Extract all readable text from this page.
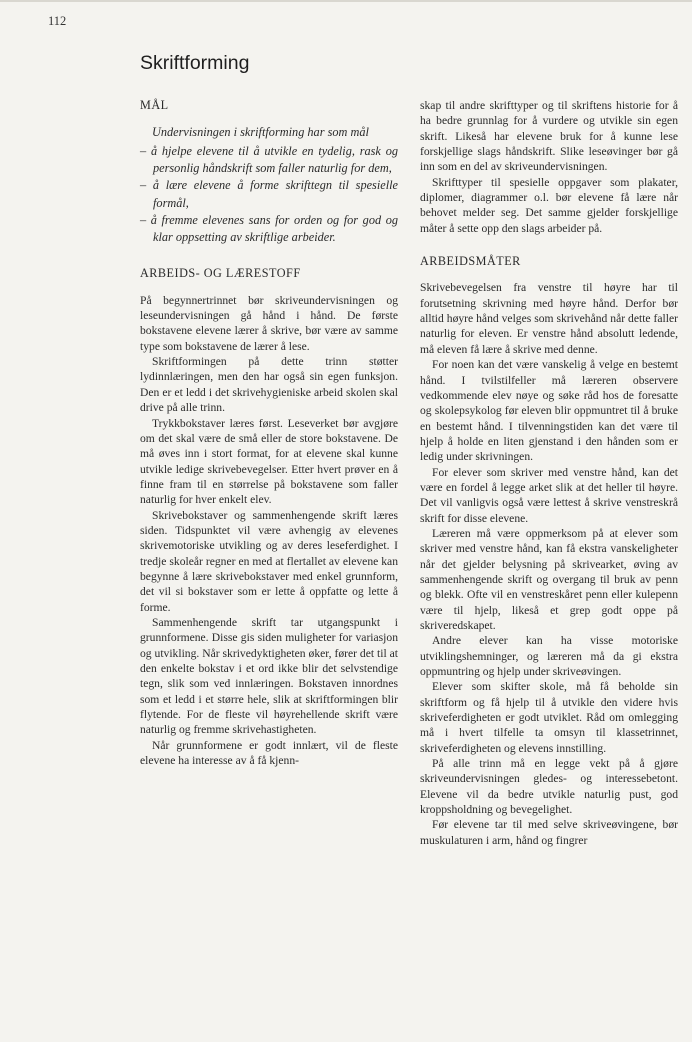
112
Skriftforming
MÅL

Undervisningen i skriftforming har som mål

– å hjelpe elevene til å utvikle en tydelig, rask og personlig håndskrift som faller naturlig for dem,

– å lære elevene å forme skrifttegn til spesielle formål,

– å fremme elevenes sans for orden og for god og klar oppsetting av skriftlige arbeider.

ARBEIDS- OG LÆRESTOFF

På begynnertrinnet bør skriveundervisningen og leseundervisningen gå hånd i hånd. De første bokstavene elevene lærer å skrive, bør være av samme type som bokstavene de lærer å lese.

Skriftformingen på dette trinn støtter lydinnlæringen, men den har også sin egen funksjon. Den er et ledd i det skrivehygieniske arbeid skolen skal drive på alle trinn.

Trykkbokstaver læres først. Leseverket bør avgjøre om det skal være de små eller de store bokstavene. De må øves inn i stort format, for at elevene skal kunne utvikle ledige skrivebevegelser. Etter hvert prøver en å finne fram til en størrelse på bokstavene som faller naturlig for hver enkelt elev.

Skrivebokstaver og sammenhengende skrift læres siden. Tidspunktet vil være avhengig av elevenes skrivemotoriske utvikling og av deres leseferdighet. I tredje skoleår regner en med at flertallet av elevene kan begynne å lære skrivebokstaver med enkel grunnform, det vil si bokstaver som er lette å oppfatte og lette å forme.

Sammenhengende skrift tar utgangspunkt i grunnformene. Disse gis siden muligheter for variasjon og utvikling. Når skrivedyktigheten øker, fører det til at den enkelte bokstav i et ord ikke blir det selvstendige tegn, slik som ved innlæringen. Bokstaven innordnes som et ledd i et større hele, slik at skriftformingen blir flytende. For de fleste vil høyrehellende skrift være naturlig og fremme skrivehastigheten.

Når grunnformene er godt innlært, vil de fleste elevene ha interesse av å få kjenn-

skap til andre skrifttyper og til skriftens historie for å ha bedre grunnlag for å vurdere og utvikle sin egen skrift. Likeså har elevene bruk for å kunne lese forskjellige slags håndskrift. Slike leseøvinger bør gå inn som en del av skriveundervisningen.

Skrifttyper til spesielle oppgaver som plakater, diplomer, diagrammer o.l. bør elevene få lære når behovet melder seg. Det samme gjelder forskjellige måter å sette opp den slags arbeider på.

ARBEIDSMÅTER

Skrivebevegelsen fra venstre til høyre har til forutsetning skrivning med høyre hånd. Derfor bør alltid høyre hånd velges som skrivehånd når dette faller naturlig for eleven. Er venstre hånd absolutt ledende, må eleven få lære å skrive med denne.

For noen kan det være vanskelig å velge en bestemt hånd. I tvilstilfeller må læreren observere vedkommende elev nøye og søke råd hos de foresatte og skolepsykolog før eleven blir oppmuntret til å bruke en bestemt hånd. I tilvenningstiden kan det være til hjelp å holde en liten gjenstand i den hånden som er ledig under skrivningen.

For elever som skriver med venstre hånd, kan det være en fordel å legge arket slik at det heller til høyre. Det vil vanligvis også være lettest å skrive venstreskrå skrift for disse elevene.

Læreren må være oppmerksom på at elever som skriver med venstre hånd, kan få ekstra vanskeligheter når det gjelder belysning på skrivearket, øving av sammenhengende skrift og overgang til bruk av penn og blekk. Ofte vil en venstreskåret penn eller kulepenn være til hjelp, likeså et grep godt oppe på skriveredskapet.

Andre elever kan ha visse motoriske utviklingshemninger, og læreren må da gi ekstra oppmuntring og hjelp under skriveøvingen.

Elever som skifter skole, må få beholde sin skriftform og få hjelp til å utvikle den videre hvis skriveferdigheten er godt utviklet. Råd om omlegging må i hvert tilfelle ta omsyn til klassetrinnet, skriveferdigheten og elevens innstilling.

På alle trinn må en legge vekt på å gjøre skriveundervisningen gledes- og interessebetont. Elevene vil da bedre utvikle naturlig pust, god kroppsholdning og bevegelighet.

Før elevene tar til med selve skriveøvingene, bør muskulaturen i arm, hånd og fingrer
